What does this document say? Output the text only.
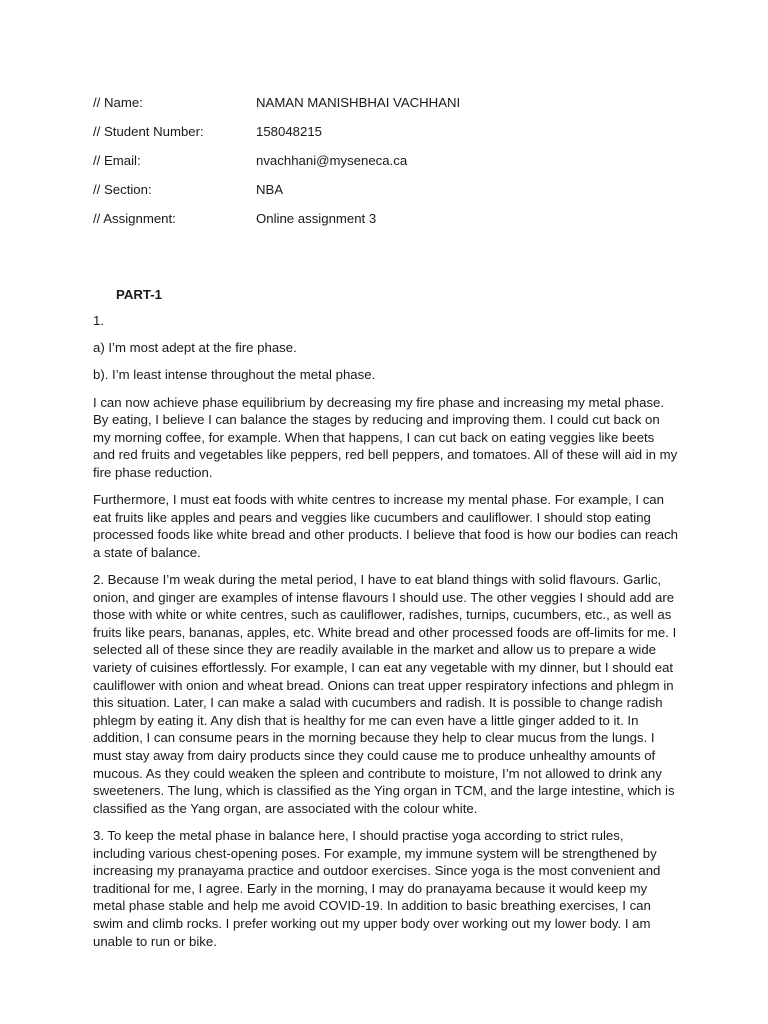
// Name:	NAMAN MANISHBHAI VACHHANI
// Student Number:	158048215
// Email:	nvachhani@myseneca.ca
// Section:	NBA
// Assignment:	Online assignment 3
PART-1

1.

a) I’m most adept at the fire phase.

b). I’m least intense throughout the metal phase.

I can now achieve phase equilibrium by decreasing my fire phase and increasing my metal phase. By eating, I believe I can balance the stages by reducing and improving them. I could cut back on my morning coffee, for example. When that happens, I can cut back on eating veggies like beets and red fruits and vegetables like peppers, red bell peppers, and tomatoes. All of these will aid in my fire phase reduction.

Furthermore, I must eat foods with white centres to increase my mental phase. For example, I can eat fruits like apples and pears and veggies like cucumbers and cauliflower. I should stop eating processed foods like white bread and other products. I believe that food is how our bodies can reach a state of balance.

2. Because I’m weak during the metal period, I have to eat bland things with solid flavours. Garlic, onion, and ginger are examples of intense flavours I should use. The other veggies I should add are those with white or white centres, such as cauliflower, radishes, turnips, cucumbers, etc., as well as fruits like pears, bananas, apples, etc. White bread and other processed foods are off-limits for me. I selected all of these since they are readily available in the market and allow us to prepare a wide variety of cuisines effortlessly. For example, I can eat any vegetable with my dinner, but I should eat cauliflower with onion and wheat bread. Onions can treat upper respiratory infections and phlegm in this situation. Later, I can make a salad with cucumbers and radish. It is possible to change radish phlegm by eating it. Any dish that is healthy for me can even have a little ginger added to it. In addition, I can consume pears in the morning because they help to clear mucus from the lungs. I must stay away from dairy products since they could cause me to produce unhealthy amounts of mucous. As they could weaken the spleen and contribute to moisture, I’m not allowed to drink any sweeteners. The lung, which is classified as the Ying organ in TCM, and the large intestine, which is classified as the Yang organ, are associated with the colour white.

3. To keep the metal phase in balance here, I should practise yoga according to strict rules, including various chest-opening poses. For example, my immune system will be strengthened by increasing my pranayama practice and outdoor exercises. Since yoga is the most convenient and traditional for me, I agree. Early in the morning, I may do pranayama because it would keep my metal phase stable and help me avoid COVID-19. In addition to basic breathing exercises, I can swim and climb rocks. I prefer working out my upper body over working out my lower body. I am unable to run or bike.
